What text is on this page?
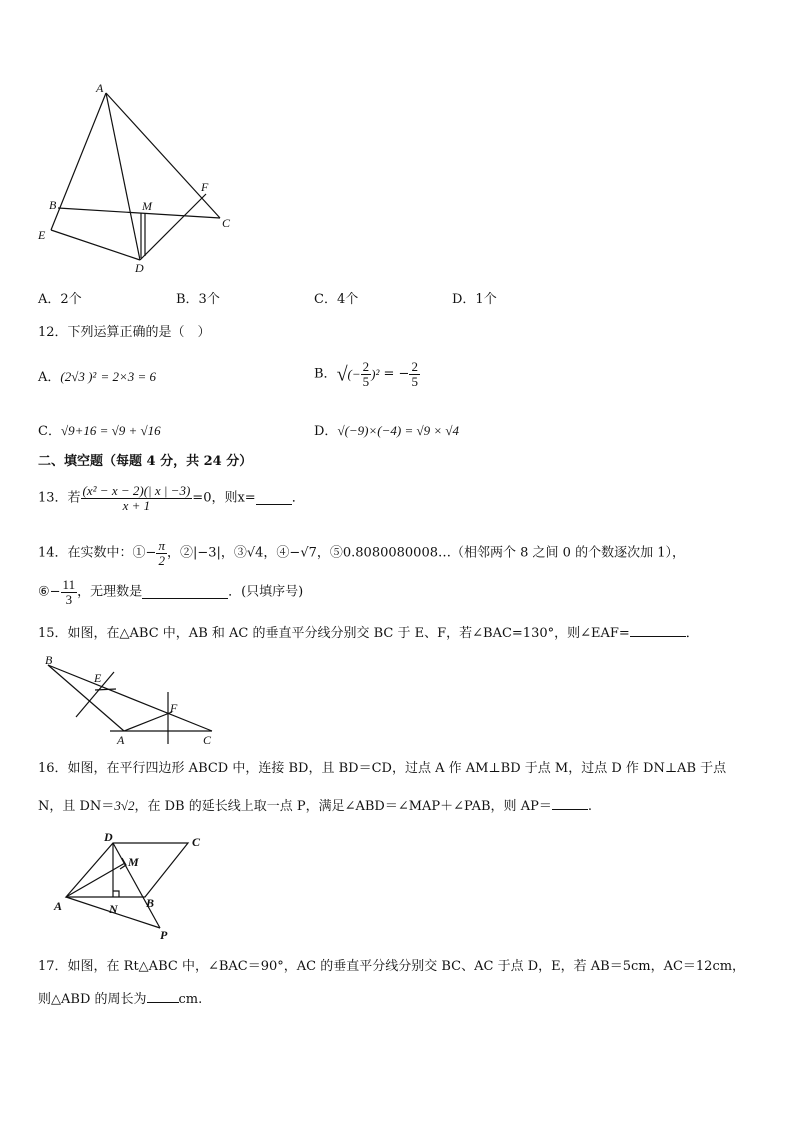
A
B
E
M
F
C
D
A．2个	B．3个	C．4个	D．1个
12．下列运算正确的是（　）
A．(2√3 )² = 2×3 = 6	B．√(− $\frac{2}{5} )^2$ = − $\frac{2}{5}$
C．√9+16 = √9 + √16	D．√(−9)×(−4) = √9 × √4
二、填空题（每题 4 分，共 24 分）
13．若 $\frac{\text{(x² − x − 2)(| x | −3)}}{x + 1} =0$，则x=	．
14．在实数中：①− $\frac{\pi}{2}$ ，②|−3|，③√4，④−√7，⑤0.8080080008…（相邻两个 8 之间 0 的个数逐次加 1），
⑥− $\frac{11}{3}$ ，无理数是	．(只填序号)
15．如图，在△ABC 中，AB 和 AC 的垂直平分线分别交 BC 于 E、F，若∠BAC=130°，则∠EAF=	．
B
E
F
A	C
16．如图，在平行四边形 ABCD 中，连接 BD，且 BD＝CD，过点 A 作 AM⊥BD 于点 M，过点 D 作 DN⊥AB 于点
N，且 DN＝3√2，在 DB 的延长线上取一点 P，满足∠ABD＝∠MAP＋∠PAB，则 AP＝	.
D	C
M
A	N B
P
17．如图，在 Rt△ABC 中，∠BAC＝90°，AC 的垂直平分线分别交 BC、AC 于点 D，E，若 AB＝5cm，AC＝12cm，
则△ABD 的周长为 cm.
